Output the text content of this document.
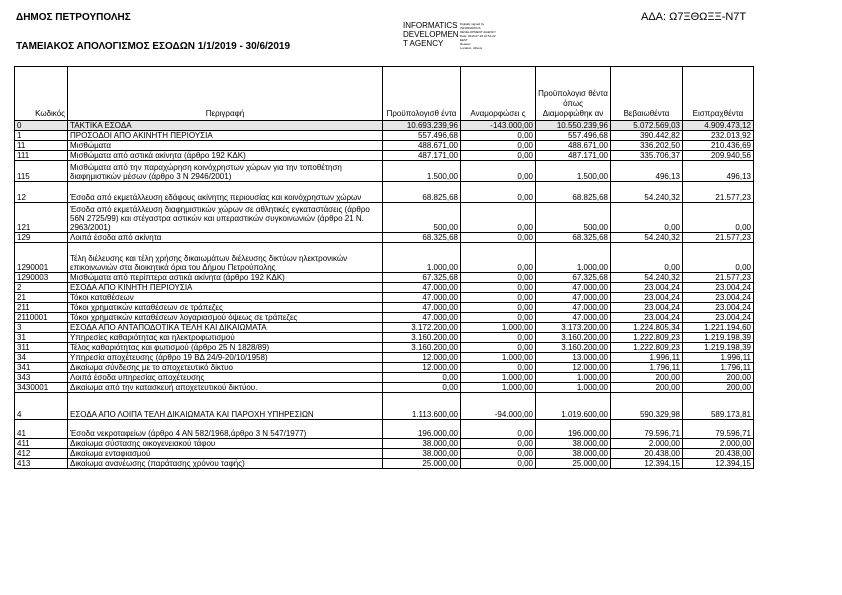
ΔΗΜΟΣ ΠΕΤΡΟΥΠΟΛΗΣ
ΤΑΜΕΙΑΚΟΣ ΑΠΟΛΟΓΙΣΜΟΣ ΕΣΟΔΩΝ 1/1/2019 - 30/6/2019
ΑΔΑ: Ω7ΞΘΩΞΞ-Ν7Τ
INFORMATICS
DEVELOPMEN
T AGENCY
Digitally signed by
INFORMATICS
DEVELOPMENT AGENCY
Date: 2019.07.18 10:51:22
EEST
Reason:
Location: Athens
Κωδικός	Περιγραφή	Προϋπολογισθ έντα	Αναμορφώσει ς	Προϋπολογισ θέντα όπως Διαμορφώθηκ αν	Βεβαιωθέντα	Εισπραχθέντα
0	ΤΑΚΤΙΚΑ ΕΣΟΔΑ	10.693.239,96	-143.000,00	10.550.239,96	5.072.569,03	4.909.473,12
1	ΠΡΟΣΟΔΟΙ ΑΠΟ ΑΚΙΝΗΤΗ ΠΕΡΙΟΥΣΙΑ	557.496,68	0,00	557.496,68	390.442,82	232.013,92
11	Μισθώματα	488.671,00	0,00	488.671,00	336.202,50	210.436,69
111	Μισθώματα από αστικά ακίνητα (άρθρο 192 ΚΔΚ)	487.171,00	0,00	487.171,00	335.706,37	209.940,56
115	Μισθώματα από την παραχώρηση κοινόχρηστων χώρων για την τοποθέτηση διαφημιστικών μέσων (άρθρο 3 Ν 2946/2001)	1.500,00	0,00	1.500,00	496,13	496,13
12	Έσοδα από εκμετάλλευση εδάφους ακίνητης περιουσίας και κοινόχρηστων χώρων	68.825,68	0,00	68.825,68	54.240,32	21.577,23
121	Έσοδα από εκμετάλλευση διαφημιστικών χώρων σε αθλητικές εγκαταστάσεις (άρθρο 56Ν 2725/99) και στέγαστρα αστικών και υπεραστικών συγκοινωνιών (άρθρο 21 Ν. 2963/2001)	500,00	0,00	500,00	0,00	0,00
129	Λοιπά έσοδα από ακίνητα	68.325,68	0,00	68.325,68	54.240,32	21.577,23
1290001	Τέλη διέλευσης και τέλη χρήσης δικαιωμάτων διέλευσης δικτύων ηλεκτρονικών επικοινωνιών στα διοικητικά όρια του Δήμου Πετρούπολης	1.000,00	0,00	1.000,00	0,00	0,00
1290003	Μισθώματα από περίπτερα αστικά ακίνητα (άρθρο 192 ΚΔΚ)	67.325,68	0,00	67.325,68	54.240,32	21.577,23
2	ΕΣΟΔΑ ΑΠΟ ΚΙΝΗΤΗ ΠΕΡΙΟΥΣΙΑ	47.000,00	0,00	47.000,00	23.004,24	23.004,24
21	Τόκοι καταθέσεων	47.000,00	0,00	47.000,00	23.004,24	23.004,24
211	Τόκοι χρηματικών καταθέσεων σε τράπεζες	47.000,00	0,00	47.000,00	23.004,24	23.004,24
2110001	Τόκοι χρηματικών καταθέσεων λογαριασμού όψεως σε τράπεζες	47.000,00	0,00	47.000,00	23.004,24	23.004,24
3	ΕΣΟΔΑ ΑΠΟ ΑΝΤΑΠΟΔΟΤΙΚΑ ΤΕΛΗ ΚΑΙ ΔΙΚΑΙΩΜΑΤΑ	3.172.200,00	1.000,00	3.173.200,00	1.224.805,34	1.221.194,60
31	Υπηρεσίες καθαριότητας και ηλεκτροφωτισμού	3.160.200,00	0,00	3.160.200,00	1.222.809,23	1.219.198,39
311	Τέλος καθαριότητας και φωτισμού (άρθρο 25 Ν 1828/89)	3.160.200,00	0,00	3.160.200,00	1.222.809,23	1.219.198,39
34	Υπηρεσία αποχέτευσης (άρθρο 19 ΒΔ 24/9-20/10/1958)	12.000,00	1.000,00	13.000,00	1.996,11	1.996,11
341	Δικαίωμα σύνδεσης με το αποχετευτικό δίκτυο	12.000,00	0,00	12.000,00	1.796,11	1.796,11
343	Λοιπά έσοδα υπηρεσίας αποχέτευσης	0,00	1.000,00	1.000,00	200,00	200,00
3430001	Δικαίωμα από την κατασκευή αποχετευτικού δικτύου.	0,00	1.000,00	1.000,00	200,00	200,00
4	ΕΣΟΔΑ ΑΠΟ ΛΟΙΠΑ ΤΕΛΗ ΔΙΚΑΙΩΜΑΤΑ ΚΑΙ ΠΑΡΟΧΗ ΥΠΗΡΕΣΙΩΝ	1.113.600,00	-94.000,00	1.019.600,00	590.329,98	589.173,81
41	Έσοδα νεκροταφείων (άρθρο 4 ΑΝ 582/1968,άρθρο 3 Ν 547/1977)	196.000,00	0,00	196.000,00	79.596,71	79.596,71
411	Δικαίωμα σύστασης οικογενειακού τάφου	38.000,00	0,00	38.000,00	2.000,00	2.000,00
412	Δικαίωμα ενταφιασμού	38.000,00	0,00	38.000,00	20.438,00	20.438,00
413	Δικαίωμα ανανέωσης (παράτασης χρόνου ταφής)	25.000,00	0,00	25.000,00	12.394,15	12.394,15
